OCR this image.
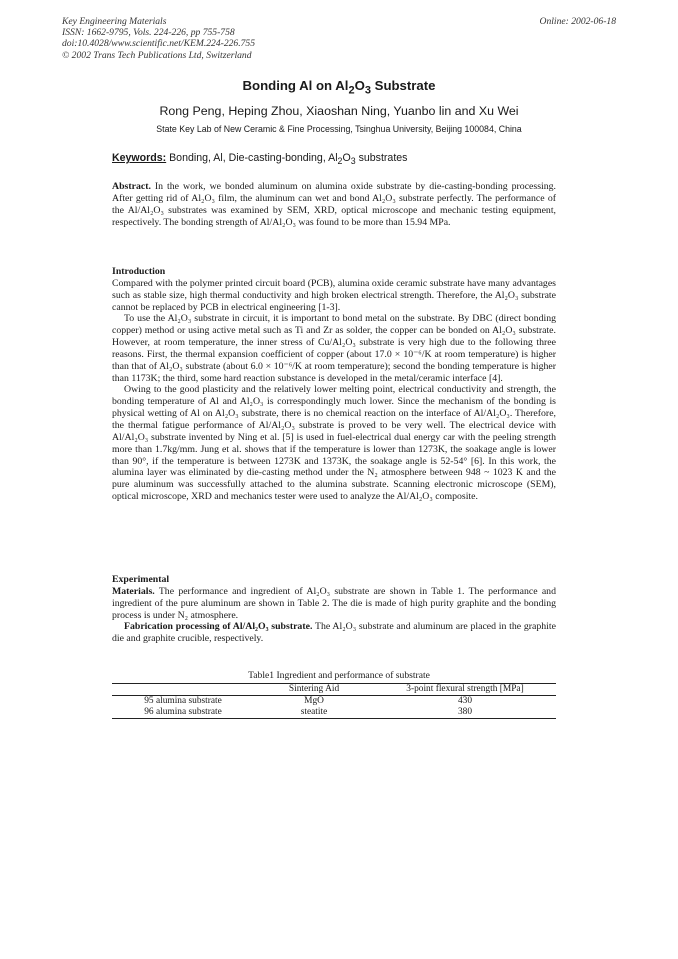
Key Engineering Materials
ISSN: 1662-9795, Vols. 224-226, pp 755-758
doi:10.4028/www.scientific.net/KEM.224-226.755
© 2002 Trans Tech Publications Ltd, Switzerland
Online: 2002-06-18
Bonding Al on $Al_2O_3$ Substrate
Rong Peng, Heping Zhou, Xiaoshan Ning, Yuanbo lin and Xu Wei
State Key Lab of New Ceramic & Fine Processing, Tsinghua University, Beijing 100084, China
Keywords: Bonding, Al, Die-casting-bonding, $Al_2O_3$ substrates

Abstract. In the work, we bonded aluminum on alumina oxide substrate by die-casting-bonding processing. After getting rid of Al₂O₃ film, the aluminum can wet and bond Al₂O₃ substrate perfectly. The performance of the Al/Al₂O₃ substrates was examined by SEM, XRD, optical microscope and mechanic testing equipment, respectively. The bonding strength of Al/Al₂O₃ was found to be more than 15.94 MPa.

Introduction

Compared with the polymer printed circuit board (PCB), alumina oxide ceramic substrate have many advantages such as stable size, high thermal conductivity and high broken electrical strength. Therefore, the Al₂O₃ substrate cannot be replaced by PCB in electrical engineering [1-3].

To use the Al₂O₃ substrate in circuit, it is important to bond metal on the substrate. By DBC (direct bonding copper) method or using active metal such as Ti and Zr as solder, the copper can be bonded on Al₂O₃ substrate. However, at room temperature, the inner stress of Cu/Al₂O₃ substrate is very high due to the following three reasons. First, the thermal expansion coefficient of copper (about 17.0 × 10⁻⁶/K at room temperature) is higher than that of Al₂O₃ substrate (about 6.0 × 10⁻⁶/K at room temperature); second the bonding temperature is higher than 1173K; the third, some hard reaction substance is developed in the metal/ceramic interface [4].

Owing to the good plasticity and the relatively lower melting point, electrical conductivity and strength, the bonding temperature of Al and Al₂O₃ is correspondingly much lower. Since the mechanism of the bonding is physical wetting of Al on Al₂O₃ substrate, there is no chemical reaction on the interface of Al/Al₂O₃. Therefore, the thermal fatigue performance of Al/Al₂O₃ substrate is proved to be very well. The electrical device with Al/Al₂O₃ substrate invented by Ning et al. [5] is used in fuel-electrical dual energy car with the peeling strength more than 1.7kg/mm. Jung et al. shows that if the temperature is lower than 1273K, the soakage angle is lower than 90°, if the temperature is between 1273K and 1373K, the soakage angle is 52-54° [6]. In this work, the alumina layer was eliminated by die-casting method under the N₂ atmosphere between 948 ~ 1023 K and the pure aluminum was successfully attached to the alumina substrate. Scanning electronic microscope (SEM), optical microscope, XRD and mechanics tester were used to analyze the Al/Al₂O₃ composite.

Experimental

Materials. The performance and ingredient of Al₂O₃ substrate are shown in Table 1. The performance and ingredient of the pure aluminum are shown in Table 2. The die is made of high purity graphite and the bonding process is under N₂ atmosphere.

Fabrication processing of Al/Al₂O₃ substrate. The Al₂O₃ substrate and aluminum are placed in the graphite die and graphite crucible, respectively.

Table1 Ingredient and performance of substrate
	Sintering Aid	3-point flexural strength [MPa]
95 alumina substrate	MgO	430
96 alumina substrate	steatite	380
